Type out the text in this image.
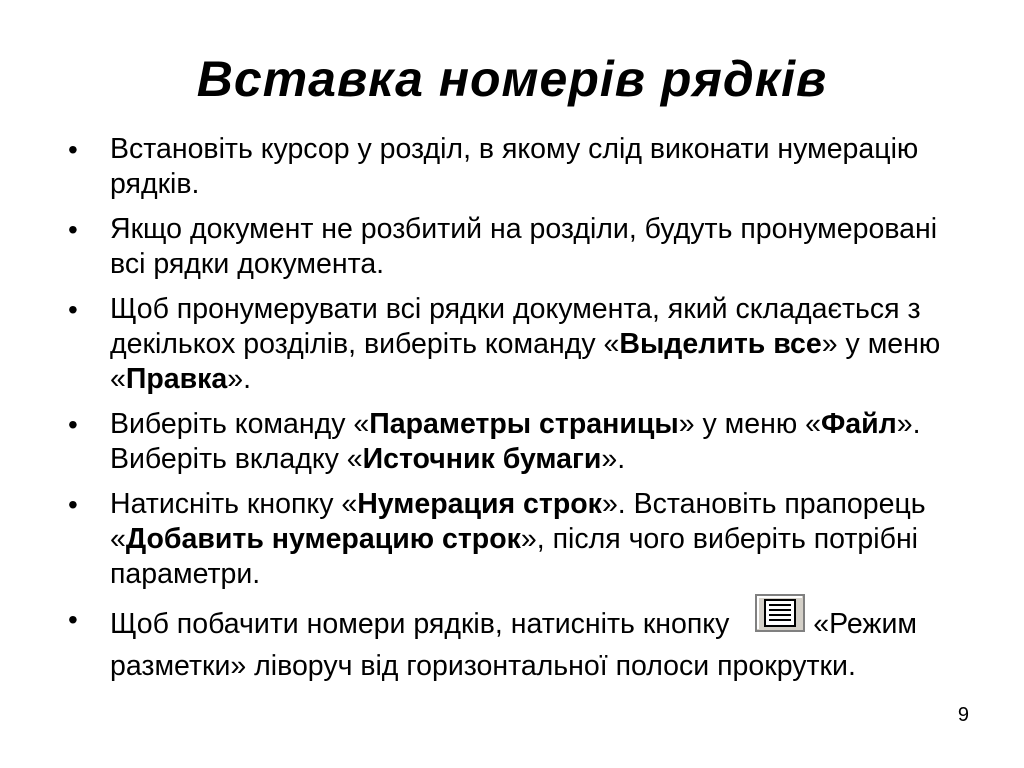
Вставка номерів рядків
• Встановіть курсор у розділ, в якому слід виконати нумерацію рядків.
• Якщо документ не розбитий на розділи, будуть пронумеровані всі рядки документа.
• Щоб пронумерувати всі рядки документа, який складається з декількох розділів, виберіть команду «Выделить все» у меню «Правка».
• Виберіть команду «Параметры страницы» у меню «Файл». Виберіть вкладку «Источник бумаги».
• Натисніть кнопку «Нумерация строк». Встановіть прапорець «Добавить нумерацию строк», після чого виберіть потрібні параметри.
• Щоб побачити номери рядків, натисніть кнопку	«Режим разметки» ліворуч від горизонтальної полоси прокрутки.
9
